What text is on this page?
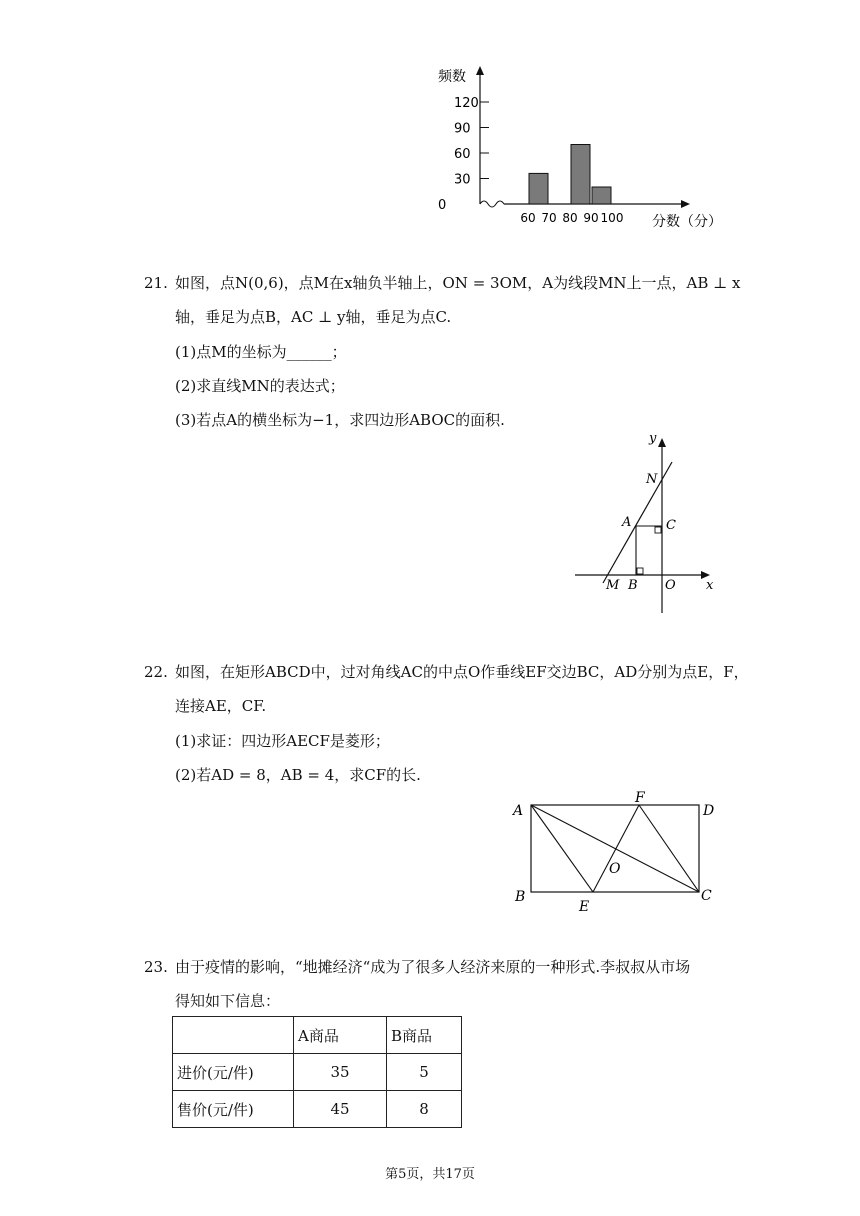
频数
分数（分）
0
30
60
90
120
60 70 80 90 100
21. 如图，点N(0,6)，点M在x轴负半轴上，ON = 3OM，A为线段MN上一点，AB ⊥ x
轴，垂足为点B，AC ⊥ y轴，垂足为点C.
(1)点M的坐标为______；
(2)求直线MN的表达式；
(3)若点A的横坐标为−1，求四边形ABOC的面积.
y
x
N
A	C
M B O
22. 如图，在矩形ABCD中，过对角线AC的中点O作垂线EF交边BC，AD分别为点E，F，
连接AE，CF.
(1)求证：四边形AECF是菱形；
(2)若AD = 8，AB = 4，求CF的长.
A
F
D
O
B
E
C
23. 由于疫情的影响，“地摊经济“成为了很多人经济来原的一种形式.李叔叔从市场
得知如下信息：
	A商品	B商品
进价(元/件)	35	5
售价(元/件)	45	8
第5页，共17页
